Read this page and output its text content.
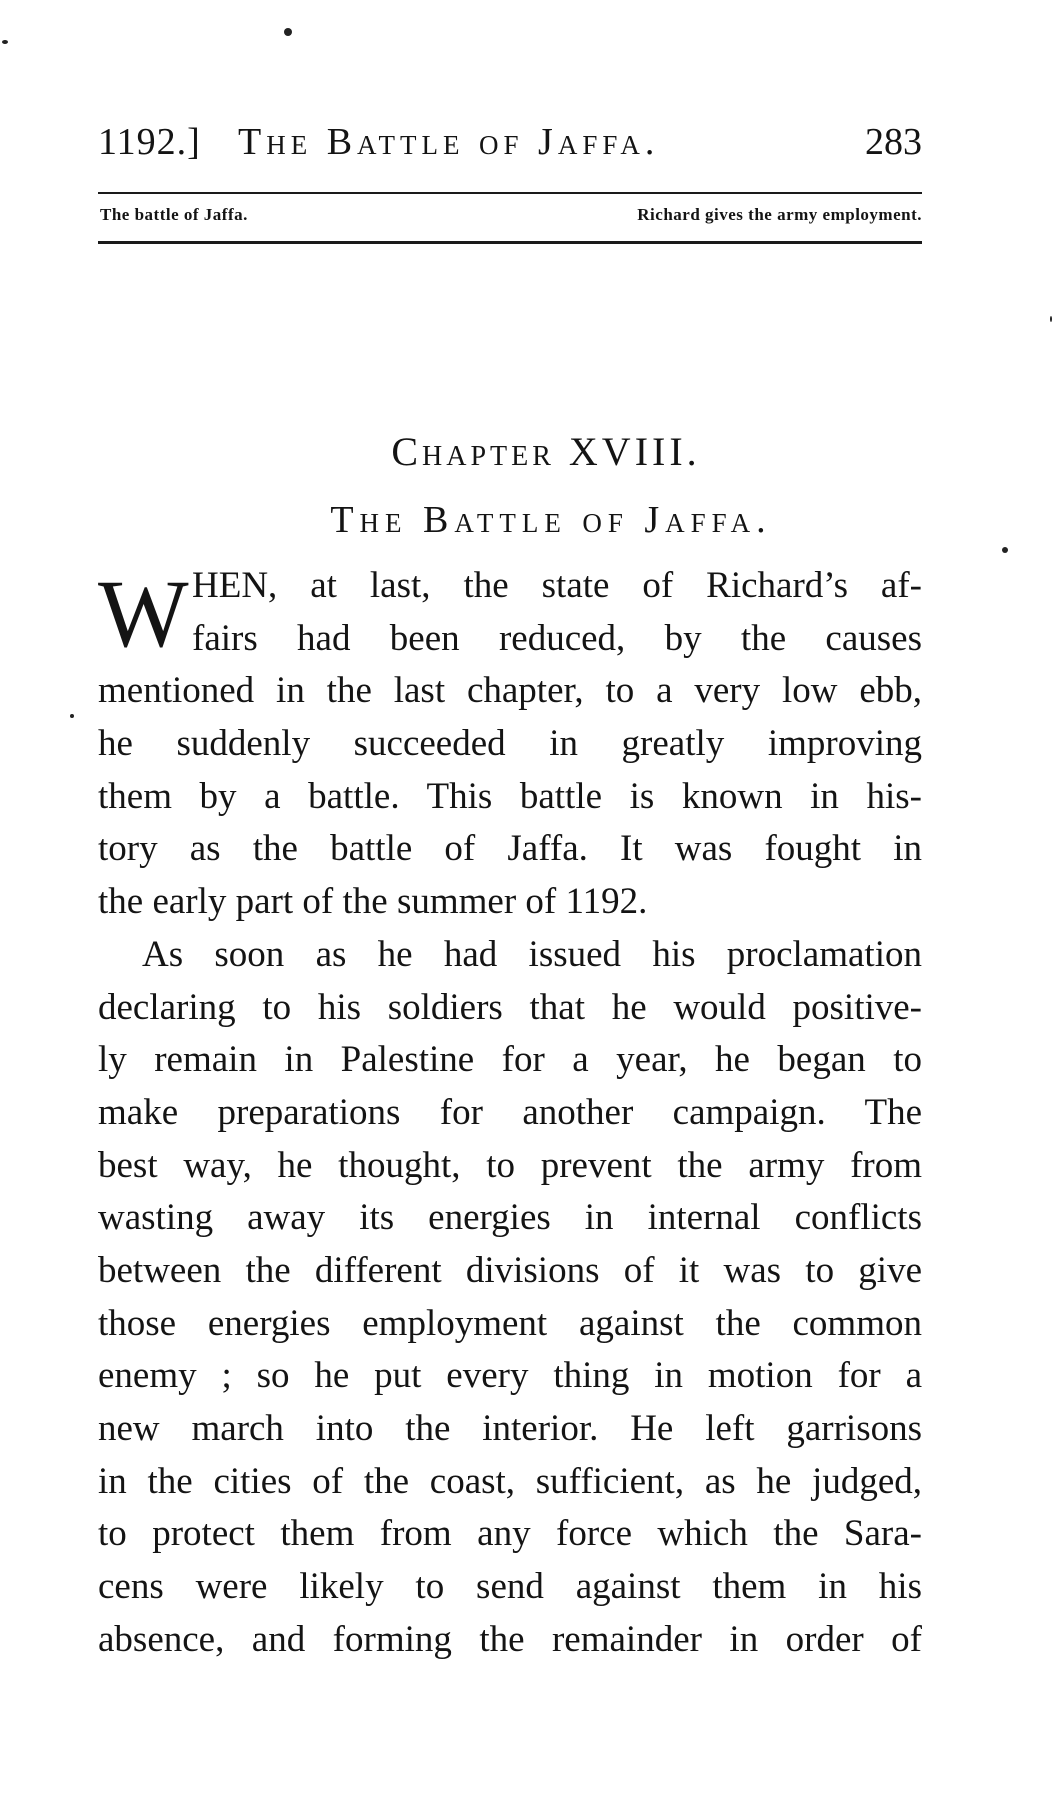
1192.] The Battle of Jaffa.	283
The battle of Jaffa.	Richard gives the army employment.
Chapter XVIII.
The Battle of Jaffa.
W HEN, at last, the state of Richard’s af-
fairs had been reduced, by the causes
mentioned in the last chapter, to a very low ebb,
he suddenly succeeded in greatly improving
them by a battle. This battle is known in his-
tory as the battle of Jaffa. It was fought in
the early part of the summer of 1192.
As soon as he had issued his proclamation
declaring to his soldiers that he would positive-
ly remain in Palestine for a year, he began to
make preparations for another campaign. The
best way, he thought, to prevent the army from
wasting away its energies in internal conflicts
between the different divisions of it was to give
those energies employment against the common
enemy ; so he put every thing in motion for a
new march into the interior. He left garrisons
in the cities of the coast, sufficient, as he judged,
to protect them from any force which the Sara-
cens were likely to send against them in his
absence, and forming the remainder in order of
